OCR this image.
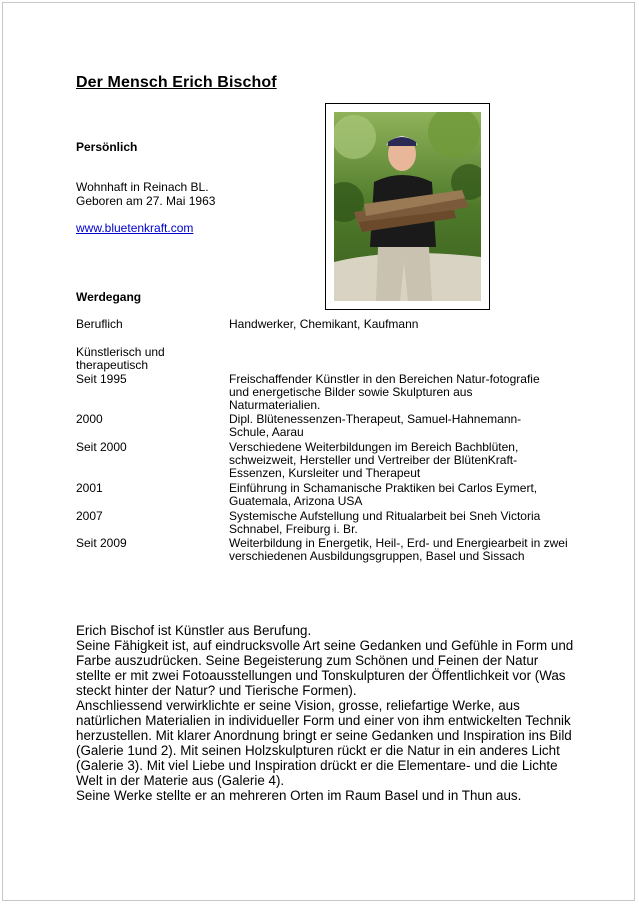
Der Mensch Erich Bischof
Persönlich

Wohnhaft in Reinach BL.

Geboren am 27. Mai 1963

www.bluetenkraft.com
Werdegang

Beruflich	Handwerker, Chemikant, Kaufmann

Künstlerisch und therapeutisch

Seit 1995	Freischaffender Künstler in den Bereichen Natur-fotografie und energetische Bilder sowie Skulpturen aus Naturmaterialien.

2000	Dipl. Blütenessenzen-Therapeut, Samuel-Hahnemann-Schule, Aarau

Seit 2000	Verschiedene Weiterbildungen im Bereich Bachblüten, schweizweit, Hersteller und Vertreiber der BlütenKraft-Essenzen, Kursleiter und Therapeut

2001	Einführung in Schamanische Praktiken bei Carlos Eymert, Guatemala, Arizona USA

2007	Systemische Aufstellung und Ritualarbeit bei Sneh Victoria Schnabel, Freiburg i. Br.

Seit 2009	Weiterbildung in Energetik, Heil-, Erd- und Energiearbeit in zwei verschiedenen Ausbildungsgruppen, Basel und Sissach

Erich Bischof ist Künstler aus Berufung.

Seine Fähigkeit ist, auf eindrucksvolle Art seine Gedanken und Gefühle in Form und Farbe auszudrücken. Seine Begeisterung zum Schönen und Feinen der Natur stellte er mit zwei Fotoausstellungen und Tonskulpturen der Öffentlichkeit vor (Was steckt hinter der Natur? und Tierische Formen).

Anschliessend verwirklichte er seine Vision, grosse, reliefartige Werke, aus natürlichen Materialien in individueller Form und einer von ihm entwickelten Technik herzustellen. Mit klarer Anordnung bringt er seine Gedanken und Inspiration ins Bild (Galerie 1und 2). Mit seinen Holzskulpturen rückt er die Natur in ein anderes Licht (Galerie 3). Mit viel Liebe und Inspiration drückt er die Elementare- und die Lichte Welt in der Materie aus (Galerie 4).

Seine Werke stellte er an mehreren Orten im Raum Basel und in Thun aus.
